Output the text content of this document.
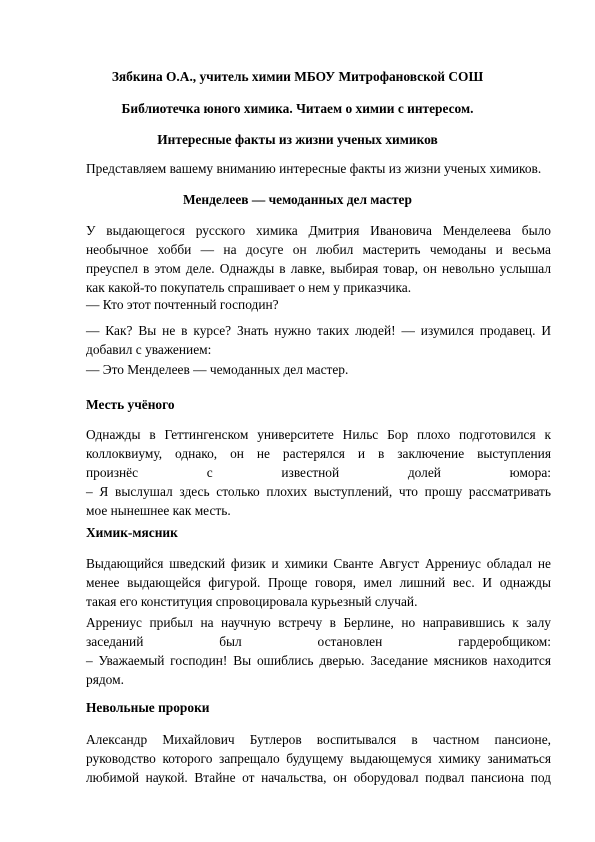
Зябкина О.А., учитель химии МБОУ Митрофановской СОШ
Библиотечка юного химика. Читаем о химии с интересом.
Интересные факты из жизни ученых химиков
Представляем вашему вниманию интересные факты из жизни ученых химиков.
Менделеев — чемоданных дел мастер
У выдающегося русского химика Дмитрия Ивановича Менделеева было
необычное хобби — на досуге он любил мастерить чемоданы и весьма
преуспел в этом деле. Однажды в лавке, выбирая товар, он невольно услышал
как какой-то покупатель спрашивает о нем у приказчика.
— Кто этот почтенный господин?
— Как? Вы не в курсе? Знать нужно таких людей! — изумился продавец. И
добавил с уважением:
— Это Менделеев — чемоданных дел мастер.
Месть учёного
Однажды в Геттингенском университете Нильс Бор плохо подготовился к
коллоквиуму, однако, он не растерялся и в заключение выступления
произнёс с известной долей юмора:
– Я выслушал здесь столько плохих выступлений, что прошу рассматривать
мое нынешнее как месть.
Химик-мясник
Выдающийся шведский физик и химики Сванте Август Аррениус обладал не
менее выдающейся фигурой. Проще говоря, имел лишний вес. И однажды
такая его конституция спровоцировала курьезный случай.
Аррениус прибыл на научную встречу в Берлине, но направившись к залу
заседаний был остановлен гардеробщиком:
– Уважаемый господин! Вы ошиблись дверью. Заседание мясников находится
рядом.
Невольные пророки
Александр Михайлович Бутлеров воспитывался в частном пансионе,
руководство которого запрещало будущему выдающемуся химику заниматься
любимой наукой. Втайне от начальства, он оборудовал подвал пансиона под
